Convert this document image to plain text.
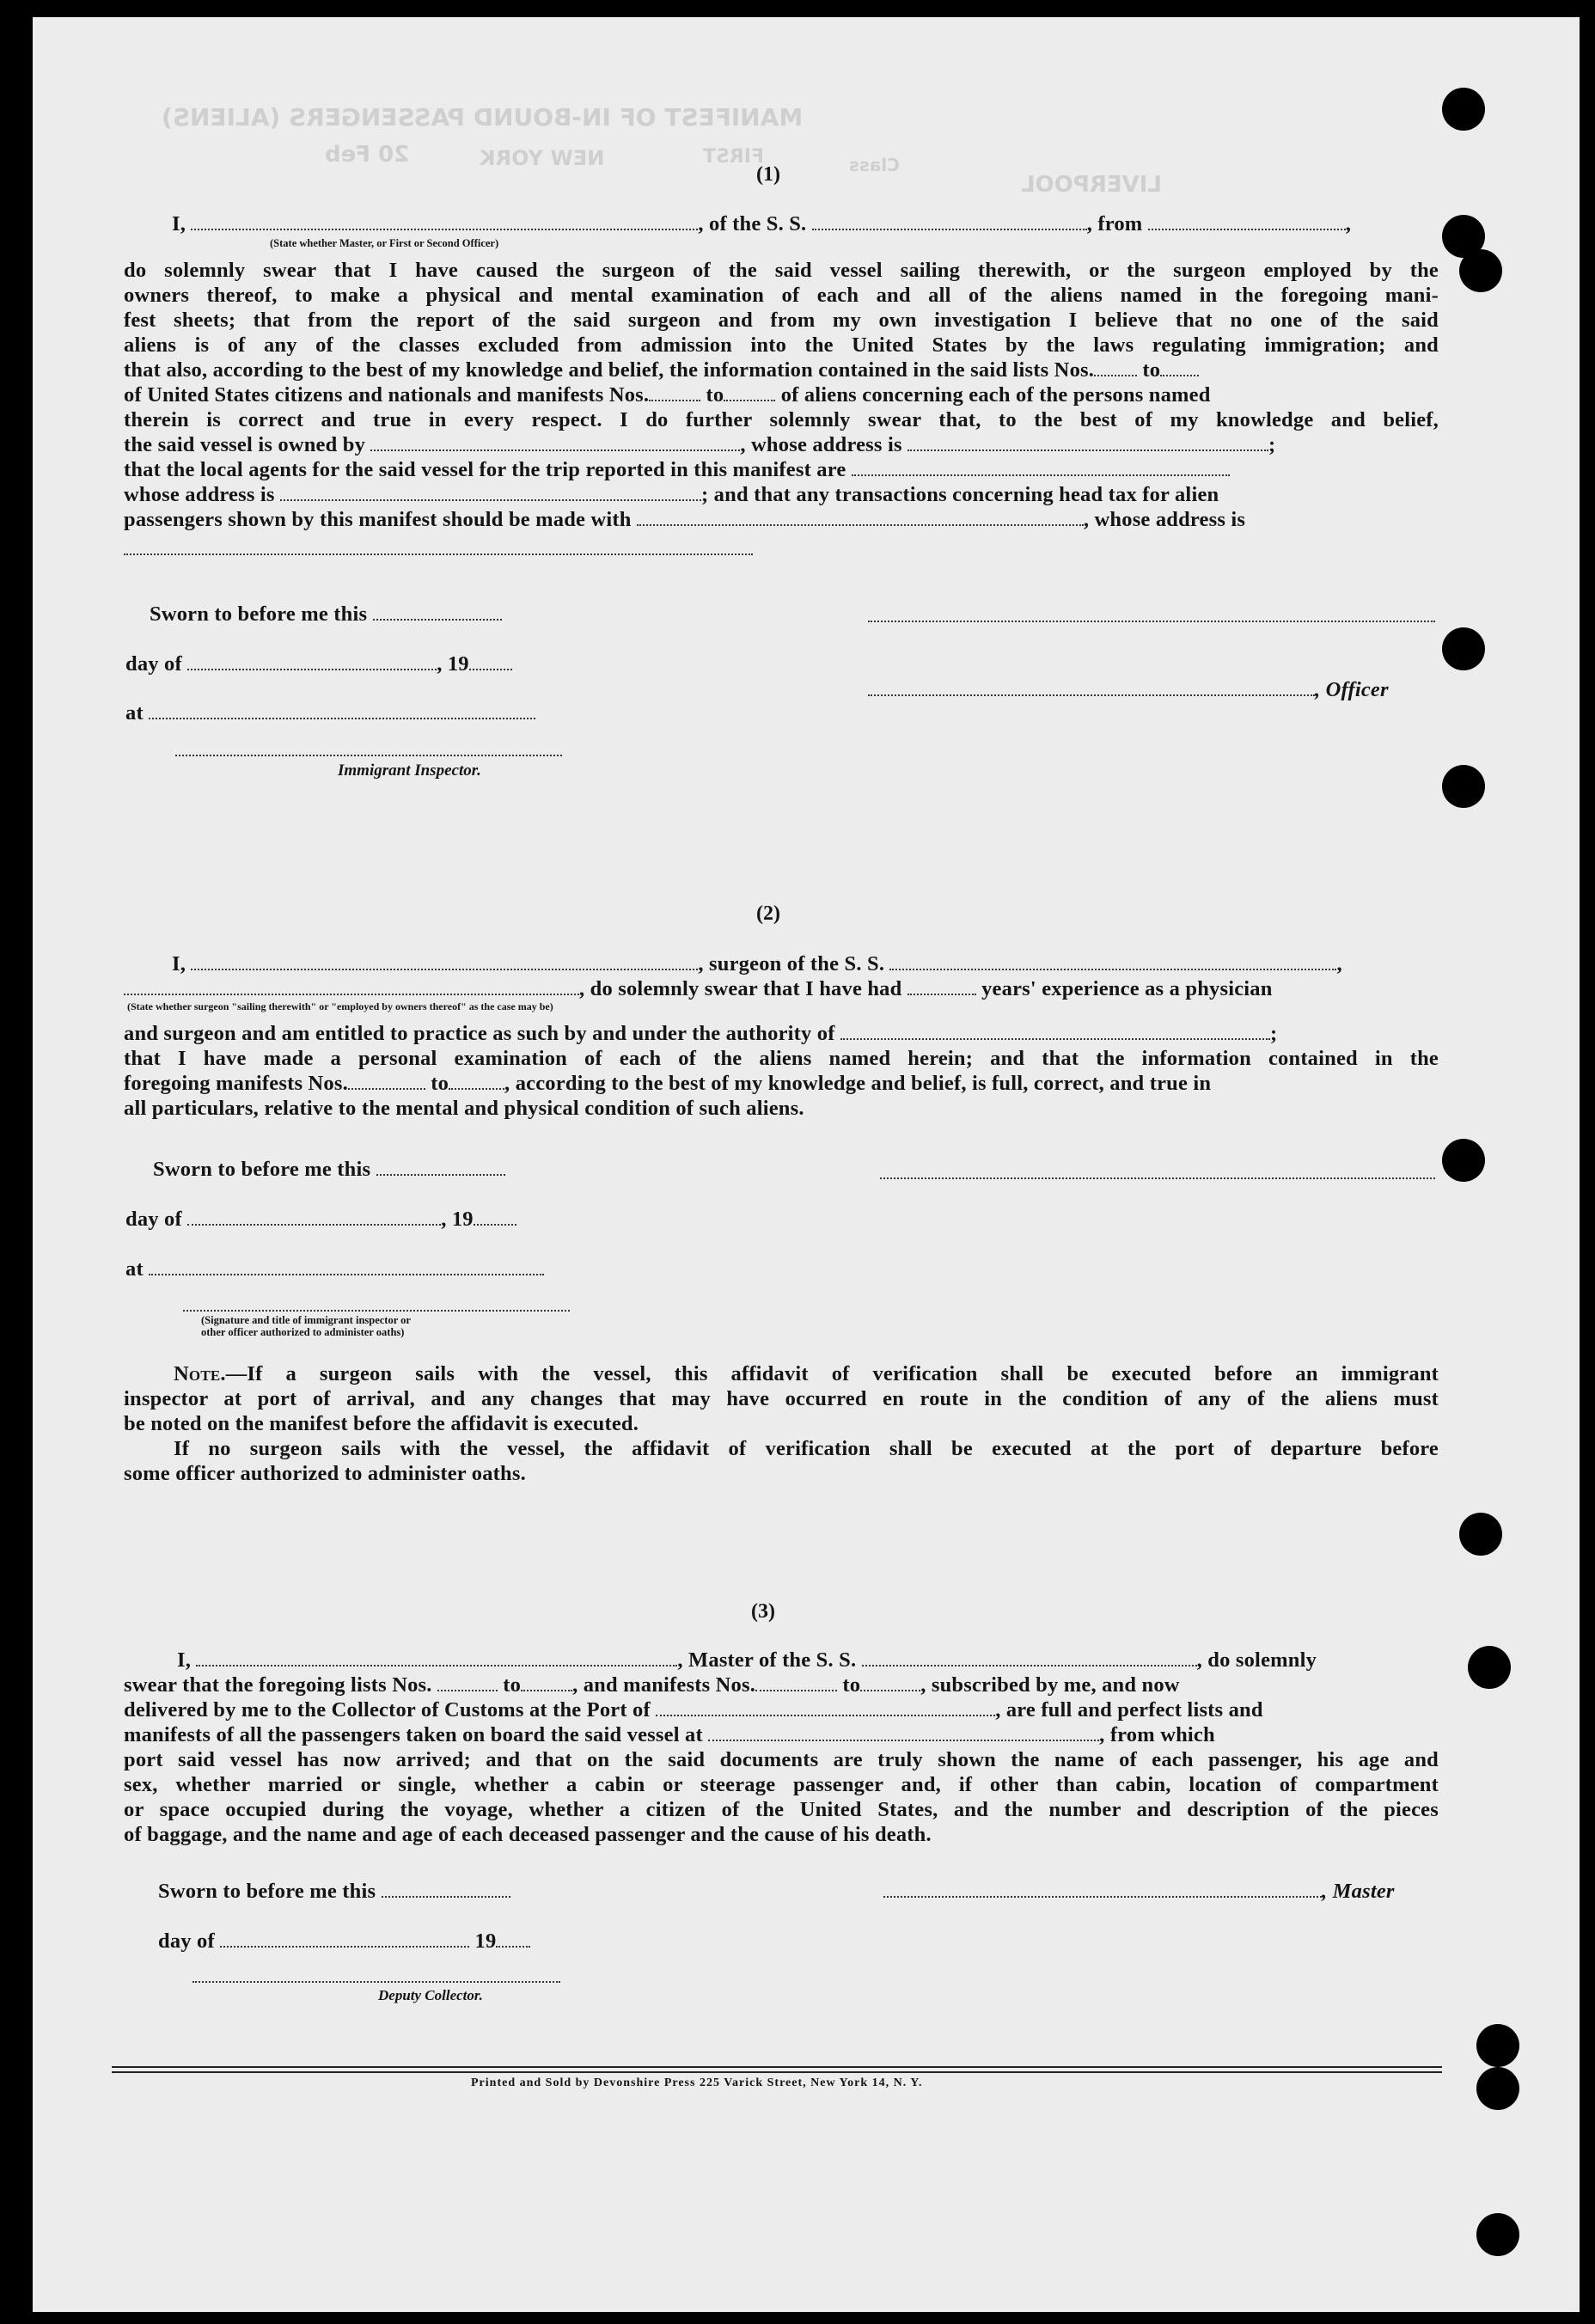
MANIFEST OF IN-BOUND PASSENGERS (ALIENS)
20 Feb	FIRST	Class
NEW YORK
LIVERPOOL
(1)
I,	, of the S. S.	, from	,
(State whether Master, or First or Second Officer)
do solemnly swear that I have caused the surgeon of the said vessel sailing therewith, or the surgeon employed by the
owners thereof, to make a physical and mental examination of each and all of the aliens named in the foregoing mani-
fest sheets; that from the report of the said surgeon and from my own investigation I believe that no one of the said
aliens is of any of the classes excluded from admission into the United States by the laws regulating immigration; and
that also, according to the best of my knowledge and belief, the information contained in the said lists Nos. to
of United States citizens and nationals and manifests Nos.	to	of aliens concerning each of the persons named
therein is correct and true in every respect. I do further solemnly swear that, to the best of my knowledge and belief,
the said vessel is owned by	, whose address is	;
that the local agents for the said vessel for the trip reported in this manifest are
whose address is	; and that any transactions concerning head tax for alien
passengers shown by this manifest should be made with	, whose address is
Sworn to before me this
day of	, 19
, Officer
at
Immigrant Inspector.
(2)
I,	, surgeon of the S. S.	,
, do solemnly swear that I have had	years' experience as a physician
(State whether surgeon "sailing therewith" or "employed by owners thereof" as the case may be)
and surgeon and am entitled to practice as such by and under the authority of	;
that I have made a personal examination of each of the aliens named herein; and that the information contained in the
foregoing manifests Nos.	to	, according to the best of my knowledge and belief, is full, correct, and true in
all particulars, relative to the mental and physical condition of such aliens.
Sworn to before me this
day of	, 19
at
(Signature and title of immigrant inspector or
other officer authorized to administer oaths)
Note.—If a surgeon sails with the vessel, this affidavit of verification shall be executed before an immigrant
inspector at port of arrival, and any changes that may have occurred en route in the condition of any of the aliens must
be noted on the manifest before the affidavit is executed.
If no surgeon sails with the vessel, the affidavit of verification shall be executed at the port of departure before
some officer authorized to administer oaths.
(3)
I,	, Master of the S. S.	, do solemnly
swear that the foregoing lists Nos.	to , and manifests Nos.	to	, subscribed by me, and now
delivered by me to the Collector of Customs at the Port of	, are full and perfect lists and
manifests of all the passengers taken on board the said vessel at	, from which
port said vessel has now arrived; and that on the said documents are truly shown the name of each passenger, his age and
sex, whether married or single, whether a cabin or steerage passenger and, if other than cabin, location of compartment
or space occupied during the voyage, whether a citizen of the United States, and the number and description of the pieces
of baggage, and the name and age of each deceased passenger and the cause of his death.
Sworn to before me this	, Master
day of	19
Deputy Collector.
Printed and Sold by Devonshire Press 225 Varick Street, New York 14, N. Y.
